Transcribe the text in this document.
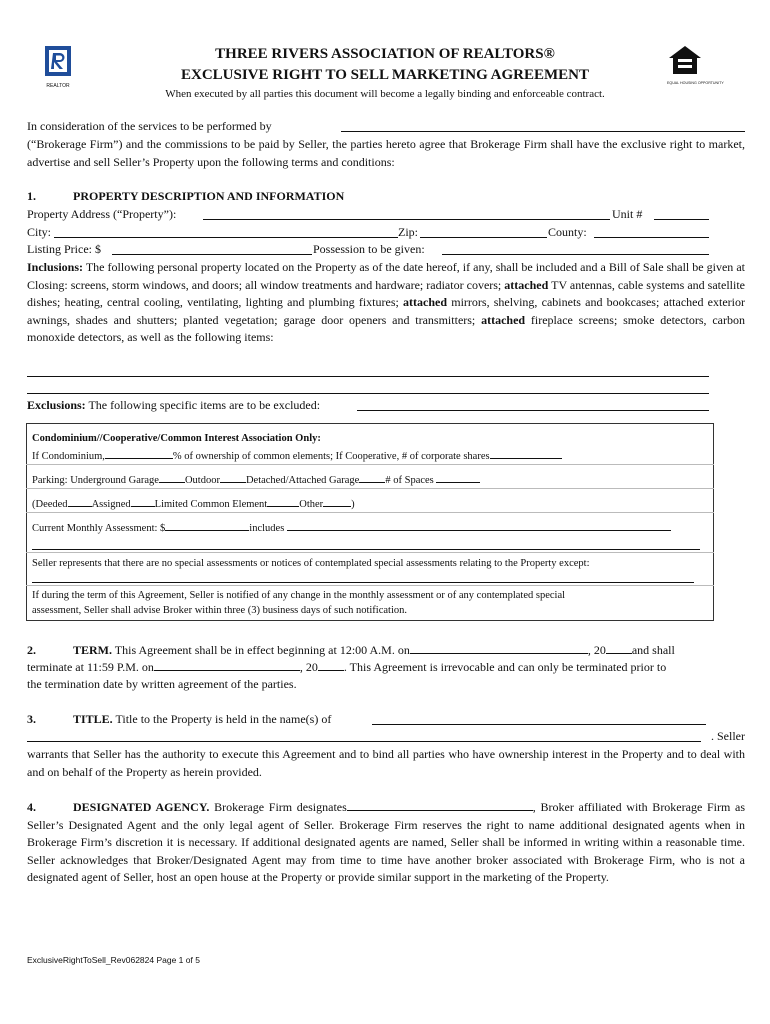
REALTOR	EQUAL HOUSING OPPORTUNITY
THREE RIVERS ASSOCIATION OF REALTORS®
EXCLUSIVE RIGHT TO SELL MARKETING AGREEMENT
When executed by all parties this document will become a legally binding and enforceable contract.
In consideration of the services to be performed by
(“Brokerage Firm”) and the commissions to be paid by Seller, the parties hereto agree that Brokerage Firm shall have the exclusive right to market, advertise and sell Seller’s Property upon the following terms and conditions:
1.	PROPERTY DESCRIPTION AND INFORMATION
Property Address (“Property”):	Unit #
City:	Zip:	County:
Listing Price: $	Possession to be given:
Inclusions: The following personal property located on the Property as of the date hereof, if any, shall be included and a Bill of Sale shall be given at Closing: screens, storm windows, and doors; all window treatments and hardware; radiator covers; attached TV antennas, cable systems and satellite dishes; heating, central cooling, ventilating, lighting and plumbing fixtures; attached mirrors, shelving, cabinets and bookcases; attached exterior awnings, shades and shutters; planted vegetation; garage door openers and transmitters; attached fireplace screens; smoke detectors, carbon monoxide detectors, as well as the following items:
Exclusions: The following specific items are to be excluded:
Condominium//Cooperative/Common Interest Association Only:
If Condominium,	% of ownership of common elements; If Cooperative, # of corporate shares
Parking: Underground Garage Outdoor Detached/Attached Garage # of Spaces
(Deeded Assigned Limited Common Element	Other	)
Current Monthly Assessment: $	includes
Seller represents that there are no special assessments or notices of contemplated special assessments relating to the Property except:
If during the term of this Agreement, Seller is notified of any change in the monthly assessment or of any contemplated special
assessment, Seller shall advise Broker within three (3) business days of such notification.
2.	TERM. This Agreement shall be in effect beginning at 12:00 A.M. on	, 20 and shall
terminate at 11:59 P.M. on	, 20 . This Agreement is irrevocable and can only be terminated prior to
the termination date by written agreement of the parties.
3.	TITLE. Title to the Property is held in the name(s) of
. Seller
warrants that Seller has the authority to execute this Agreement and to bind all parties who have ownership interest in the Property and to deal with and on behalf of the Property as herein provided.
4.	DESIGNATED AGENCY. Brokerage Firm designates	, Broker affiliated with Brokerage Firm as Seller’s Designated Agent and the only legal agent of Seller. Brokerage Firm reserves the right to name additional designated agents when in Brokerage Firm’s discretion it is necessary. If additional designated agents are named, Seller shall be informed in writing within a reasonable time. Seller acknowledges that Broker/Designated Agent may from time to time have another broker associated with Brokerage Firm, who is not a designated agent of Seller, host an open house at the Property or provide similar support in the marketing of the Property.
ExclusiveRightToSell_Rev062824 Page 1 of 5
